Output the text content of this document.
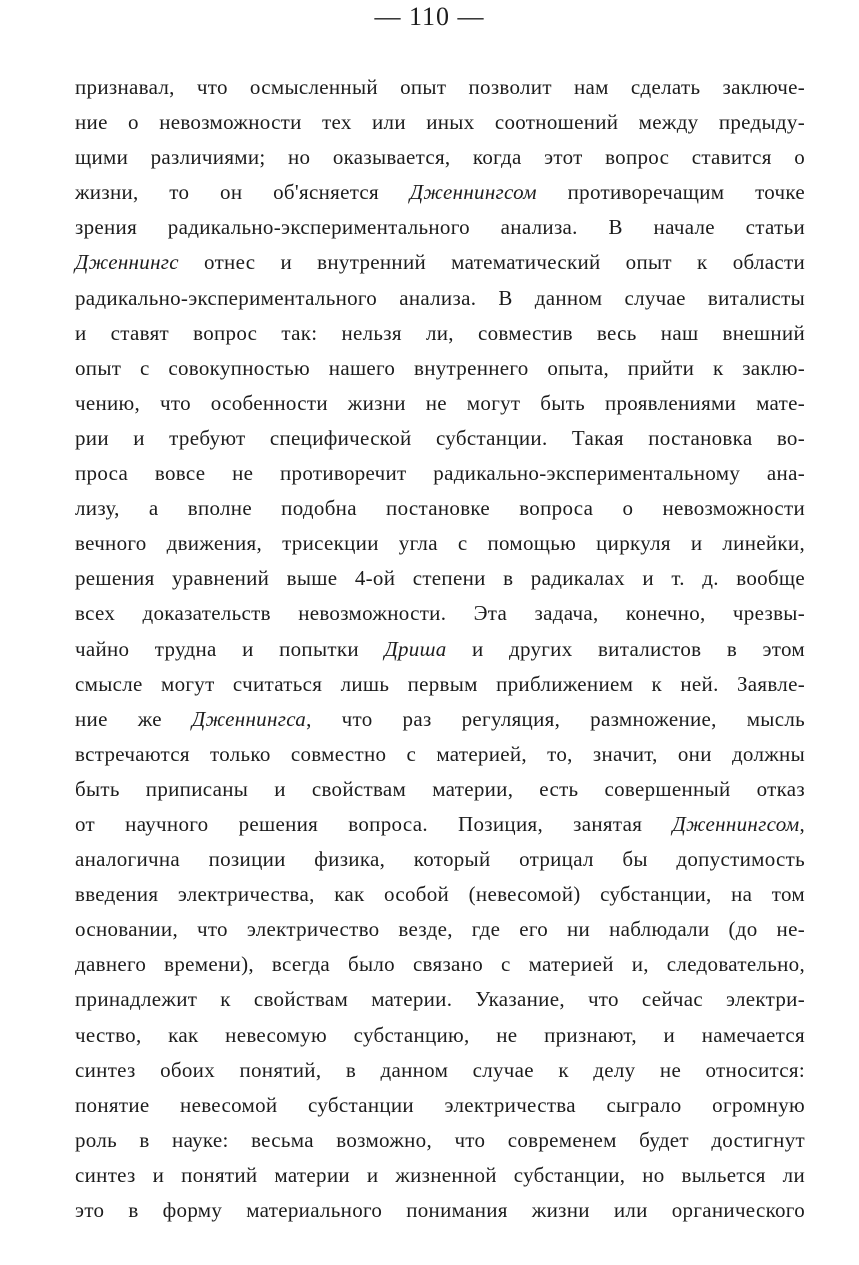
— 110 —
признавал, что осмысленный опыт позволит нам сделать заключе-
ние о невозможности тех или иных соотношений между предыду-
щими различиями; но оказывается, когда этот вопрос ставится о
жизни, то он об'ясняется Дженнингсом противоречащим точке
зрения радикально-экспериментального анализа. В начале статьи
Дженнингс отнес и внутренний математический опыт к области
радикально-экспериментального анализа. В данном случае виталисты
и ставят вопрос так: нельзя ли, совместив весь наш внешний
опыт с совокупностью нашего внутреннего опыта, прийти к заклю-
чению, что особенности жизни не могут быть проявлениями мате-
рии и требуют специфической субстанции. Такая постановка во-
проса вовсе не противоречит радикально-экспериментальному ана-
лизу, а вполне подобна постановке вопроса о невозможности
вечного движения, трисекции угла с помощью циркуля и линейки,
решения уравнений выше 4-ой степени в радикалах и т. д. вообще
всех доказательств невозможности. Эта задача, конечно, чрезвы-
чайно трудна и попытки Дриша и других виталистов в этом
смысле могут считаться лишь первым приближением к ней. Заявле-
ние же Дженнингса, что раз регуляция, размножение, мысль
встречаются только совместно с материей, то, значит, они должны
быть приписаны и свойствам материи, есть совершенный отказ
от научного решения вопроса. Позиция, занятая Дженнингсом,
аналогична позиции физика, который отрицал бы допустимость
введения электричества, как особой (невесомой) субстанции, на том
основании, что электричество везде, где его ни наблюдали (до не-
давнего времени), всегда было связано с материей и, следовательно,
принадлежит к свойствам материи. Указание, что сейчас электри-
чество, как невесомую субстанцию, не признают, и намечается
синтез обоих понятий, в данном случае к делу не относится:
понятие невесомой субстанции электричества сыграло огромную
роль в науке: весьма возможно, что современем будет достигнут
синтез и понятий материи и жизненной субстанции, но выльется ли
это в форму материального понимания жизни или органического
